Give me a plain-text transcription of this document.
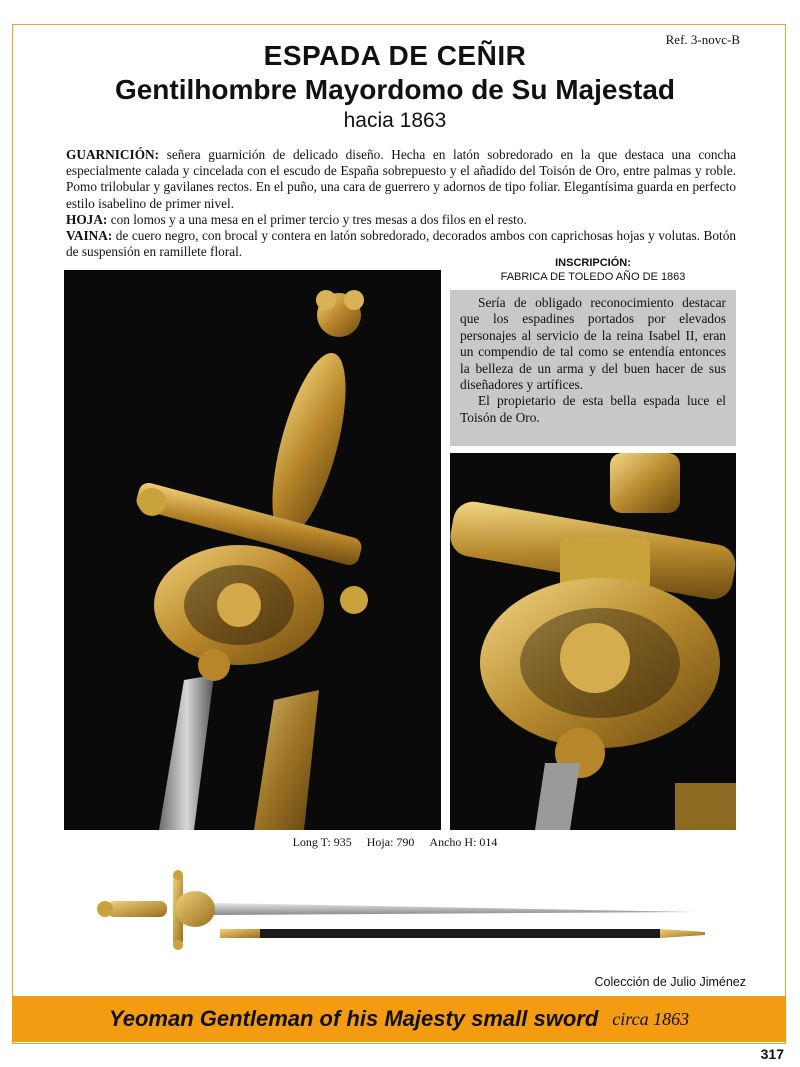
Ref. 3-novc-B
ESPADA DE CEÑIR
Gentilhombre Mayordomo de Su Majestad
hacia 1863

GUARNICIÓN: señera guarnición de delicado diseño. Hecha en latón sobredorado en la que destaca una concha especialmente calada y cincelada con el escudo de España sobrepuesto y el añadido del Toisón de Oro, entre palmas y roble. Pomo trilobular y gavilanes rectos. En el puño, una cara de guerrero y adornos de tipo foliar. Elegantísima guarda en perfecto estilo isabelino de primer nivel.

HOJA: con lomos y a una mesa en el primer tercio y tres mesas a dos filos en el resto.

VAINA: de cuero negro, con brocal y contera en latón sobredorado, decorados ambos con caprichosas hojas y volutas. Botón de suspensión en ramillete floral.

INSCRIPCIÓN:
FABRICA DE TOLEDO AÑO DE 1863

Sería de obligado reconocimiento destacar que los espadines portados por elevados personajes al servicio de la reina Isabel II, eran un compendio de tal como se entendía entonces la belleza de un arma y del buen hacer de sus diseñadores y artífices.

El propietario de esta bella espada luce el Toisón de Oro.

Long T: 935 Hoja: 790 Ancho H: 014
Colección de Julio Jiménez
Yeoman Gentleman of his Majesty small sword circa 1863
317
